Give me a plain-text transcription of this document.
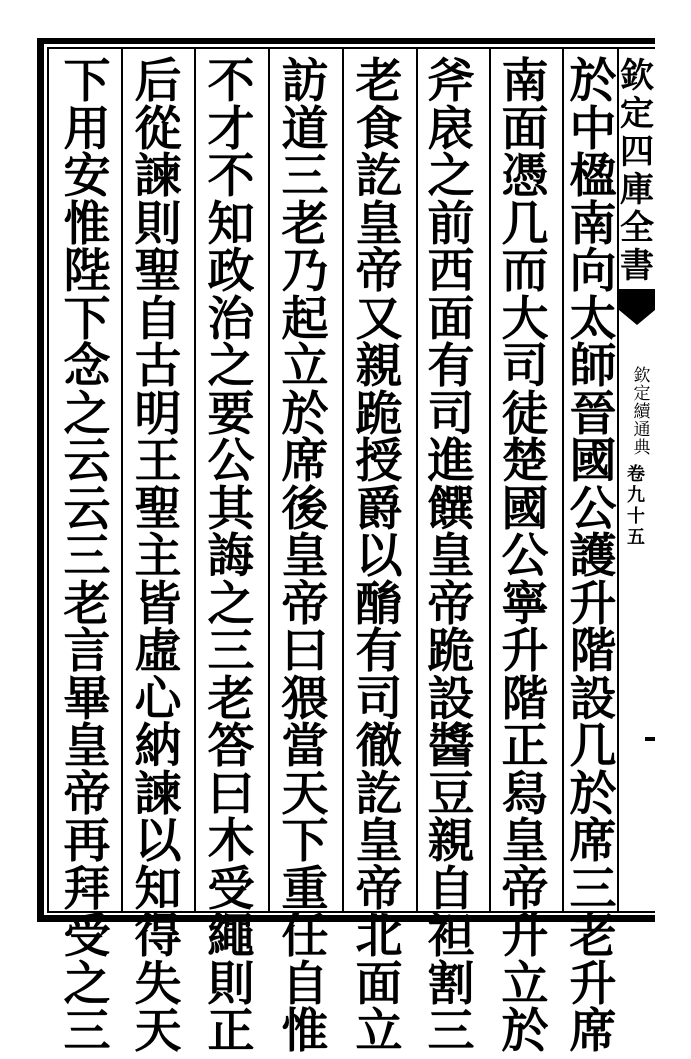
於
中
楹
南
向
太
師
晉
國
公
護
升
階
設
几
於
席
三
老
升
席
南
面
憑
几
而
大
司
徒
楚
國
公
寧
升
階
正
舄
皇
帝
升
立
於
斧
扆
之
前
西
面
有
司
進
饌
皇
帝
跪
設
醬
豆
親
自
袒
割
三
老
食
訖
皇
帝
又
親
跪
授
爵
以
酳
有
司
徹
訖
皇
帝
北
面
立
訪
道
三
老
乃
起
立
於
席
後
皇
帝
曰
猥
當
天
下
重
任
自
惟
不
才
不
知
政
治
之
要
公
其
誨
之
三
老
答
曰
木
受
繩
則
正
后
從
諫
則
聖
自
古
明
王
聖
主
皆
虛
心
納
諫
以
知
得
失
天
下
用
安
惟
陛
下
念
之
云
云
三
老
言
畢
皇
帝
再
拜
受
之
三
欽
定
四
庫
全
書
欽
定
續
通
典
卷
九
十
五
